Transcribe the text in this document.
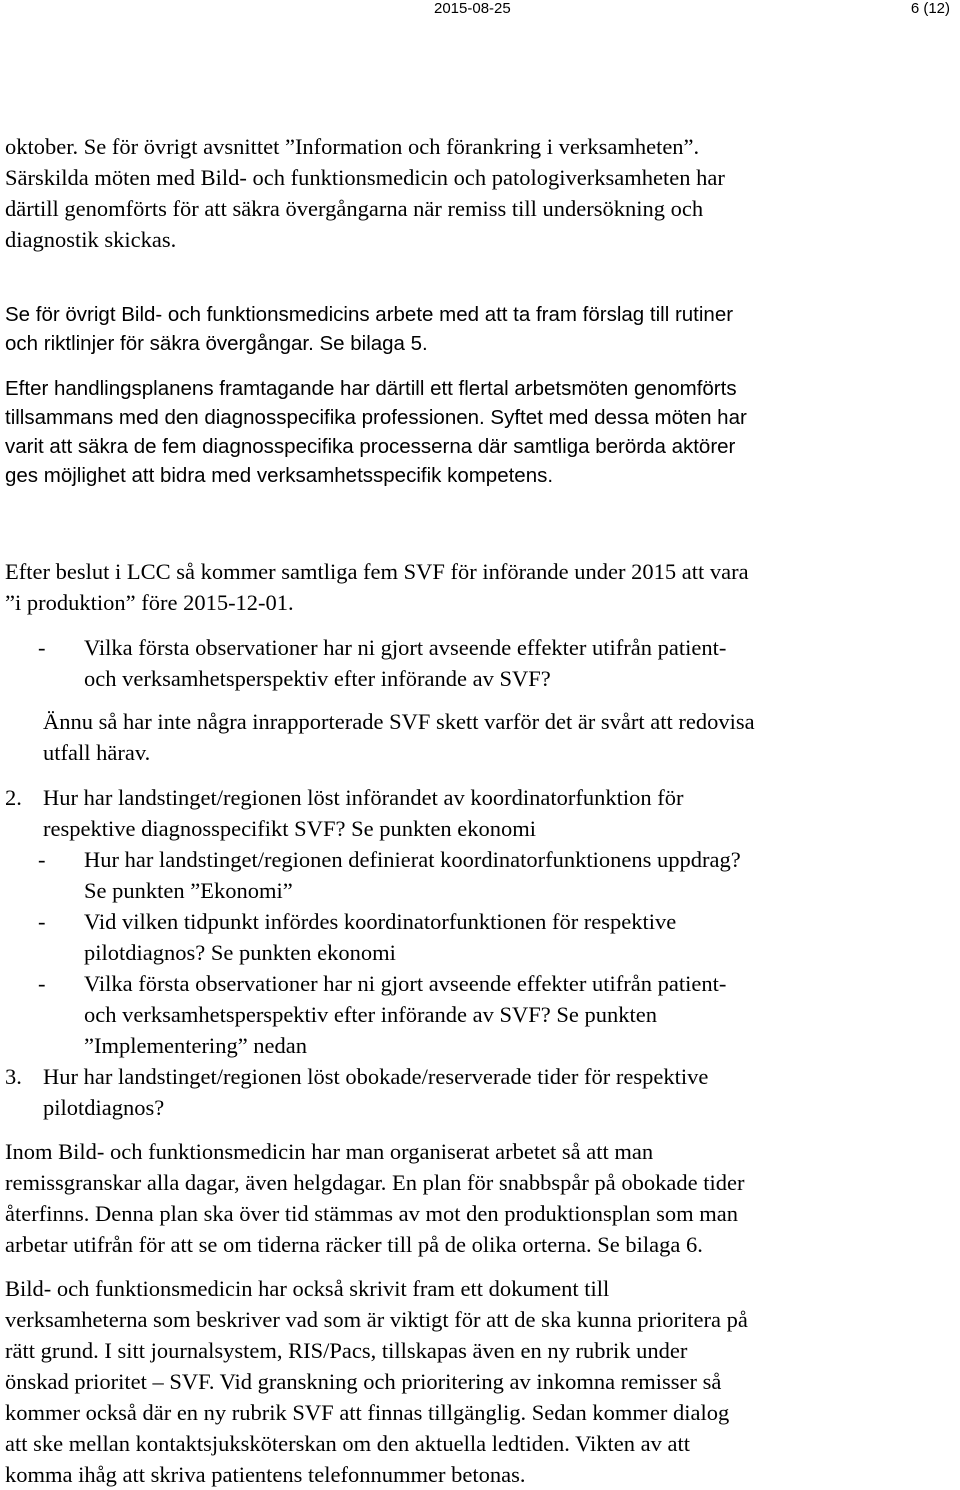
2015-08-25	6 (12)
oktober. Se för övrigt avsnittet ”Information och förankring i verksamheten”.
Särskilda möten med Bild- och funktionsmedicin och patologiverksamheten har
därtill genomförts för att säkra övergångarna när remiss till undersökning och
diagnostik skickas.
Se för övrigt Bild- och funktionsmedicins arbete med att ta fram förslag till rutiner
och riktlinjer för säkra övergångar. Se bilaga 5.
Efter handlingsplanens framtagande har därtill ett flertal arbetsmöten genomförts
tillsammans med den diagnosspecifika professionen. Syftet med dessa möten har
varit att säkra de fem diagnosspecifika processerna där samtliga berörda aktörer
ges möjlighet att bidra med verksamhetsspecifik kompetens.
Efter beslut i LCC så kommer samtliga fem SVF för införande under 2015 att vara
”i produktion” före 2015-12-01.
- Vilka första observationer har ni gjort avseende effekter utifrån patient-
och verksamhetsperspektiv efter införande av SVF?
Ännu så har inte några inrapporterade SVF skett varför det är svårt att redovisa
utfall härav.
2. Hur har landstinget/regionen löst införandet av koordinatorfunktion för
respektive diagnosspecifikt SVF? Se punkten ekonomi
- Hur har landstinget/regionen definierat koordinatorfunktionens uppdrag?
Se punkten ”Ekonomi”
- Vid vilken tidpunkt infördes koordinatorfunktionen för respektive
pilotdiagnos? Se punkten ekonomi
- Vilka första observationer har ni gjort avseende effekter utifrån patient-
och verksamhetsperspektiv efter införande av SVF? Se punkten
”Implementering” nedan
3. Hur har landstinget/regionen löst obokade/reserverade tider för respektive
pilotdiagnos?
Inom Bild- och funktionsmedicin har man organiserat arbetet så att man
remissgranskar alla dagar, även helgdagar. En plan för snabbspår på obokade tider
återfinns. Denna plan ska över tid stämmas av mot den produktionsplan som man
arbetar utifrån för att se om tiderna räcker till på de olika orterna. Se bilaga 6.
Bild- och funktionsmedicin har också skrivit fram ett dokument till
verksamheterna som beskriver vad som är viktigt för att de ska kunna prioritera på
rätt grund. I sitt journalsystem, RIS/Pacs, tillskapas även en ny rubrik under
önskad prioritet – SVF. Vid granskning och prioritering av inkomna remisser så
kommer också där en ny rubrik SVF att finnas tillgänglig. Sedan kommer dialog
att ske mellan kontaktsjuksköterskan om den aktuella ledtiden. Vikten av att
komma ihåg att skriva patientens telefonnummer betonas.
